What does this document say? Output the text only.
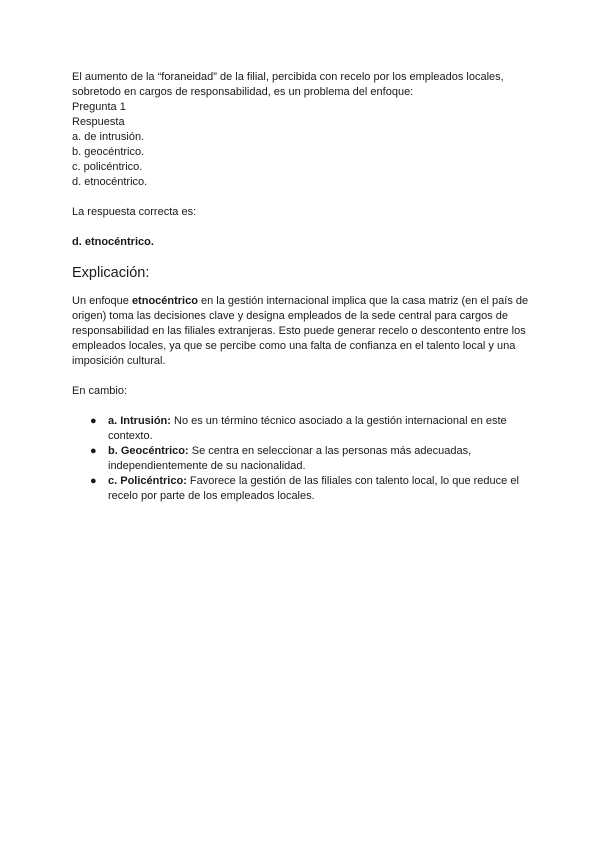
El aumento de la “foraneidad” de la filial, percibida con recelo por los empleados locales, sobretodo en cargos de responsabilidad, es un problema del enfoque:

Pregunta 1

Respuesta

a. de intrusión.

b. geocéntrico.

c. policéntrico.

d. etnocéntrico.

La respuesta correcta es:

d. etnocéntrico.

Explicación:

Un enfoque etnocéntrico en la gestión internacional implica que la casa matriz (en el país de origen) toma las decisiones clave y designa empleados de la sede central para cargos de responsabilidad en las filiales extranjeras. Esto puede generar recelo o descontento entre los empleados locales, ya que se percibe como una falta de confianza en el talento local y una imposición cultural.

En cambio:

● a. Intrusión: No es un término técnico asociado a la gestión internacional en este contexto.
● b. Geocéntrico: Se centra en seleccionar a las personas más adecuadas, independientemente de su nacionalidad.
● c. Policéntrico: Favorece la gestión de las filiales con talento local, lo que reduce el recelo por parte de los empleados locales.
